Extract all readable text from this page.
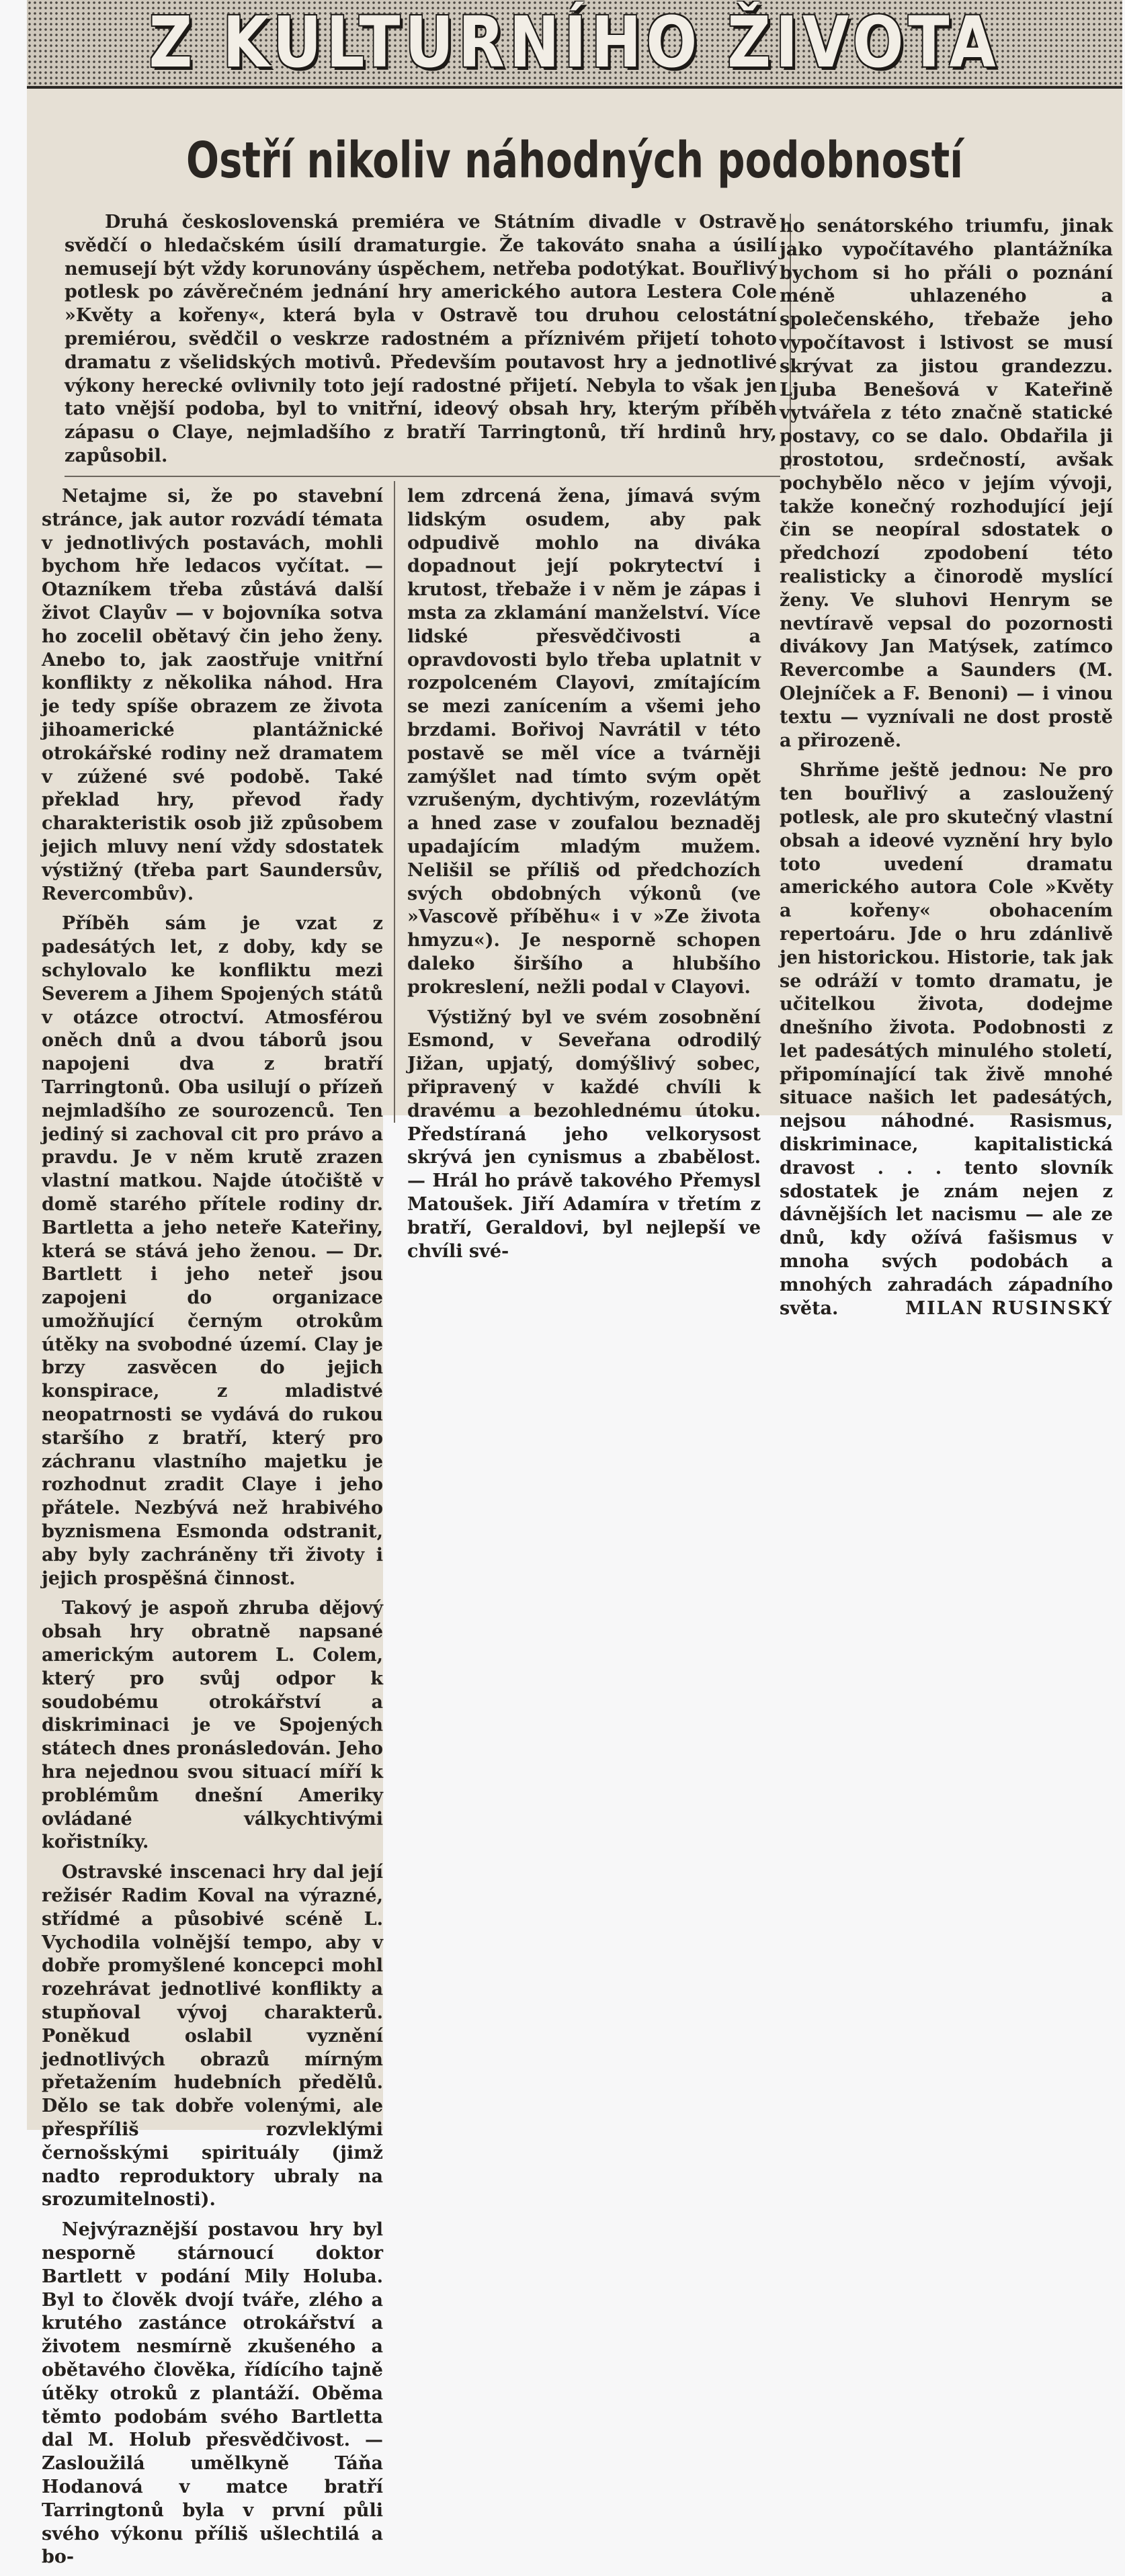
Z KULTURNÍHO ŽIVOTA
Ostří nikoliv náhodných podobností

Druhá československá premiéra ve Státním divadle v Ostravě svědčí o hledačském úsilí dramaturgie. Že takováto snaha a úsilí nemusejí být vždy korunovány úspěchem, netřeba podotýkat. Bouřlivý potlesk po závěrečném jednání hry amerického autora Lestera Cole »Květy a kořeny«, která byla v Ostravě tou druhou celostátní premiérou, svědčil o veskrze radostném a příznivém přijetí tohoto dramatu z všelidských motivů. Především poutavost hry a jednotlivé výkony herecké ovlivnily toto její radostné přijetí. Nebyla to však jen tato vnější podoba, byl to vnitřní, ideový obsah hry, kterým příběh zápasu o Claye, nejmladšího z bratří Tarringtonů, tří hrdinů hry, zapůsobil.

Netajme si, že po stavební stránce, jak autor rozvádí témata v jednotlivých postavách, mohli bychom hře ledacos vyčítat. — Otazníkem třeba zůstává další život Clayův — v bojovníka sotva ho zocelil obětavý čin jeho ženy. Anebo to, jak zaostřuje vnitřní konflikty z několika náhod. Hra je tedy spíše obrazem ze života jihoamerické plantážnické otrokářské rodiny než dramatem v zúžené své podobě. Také překlad hry, převod řady charakteristik osob již způsobem jejich mluvy není vždy sdostatek výstižný (třeba part Saundersův, Revercombův).

Příběh sám je vzat z padesátých let, z doby, kdy se schylovalo ke konfliktu mezi Severem a Jihem Spojených států v otázce otroctví. Atmosférou oněch dnů a dvou táborů jsou napojeni dva z bratří Tarringtonů. Oba usilují o přízeň nejmladšího ze sourozenců. Ten jediný si zachoval cit pro právo a pravdu. Je v něm krutě zrazen vlastní matkou. Najde útočiště v domě starého přítele rodiny dr. Bartletta a jeho neteře Kateřiny, která se stává jeho ženou. — Dr. Bartlett i jeho neteř jsou zapojeni do organizace umožňující černým otrokům útěky na svobodné území. Clay je brzy zasvěcen do jejich konspirace, z mladistvé neopatrnosti se vydává do rukou staršího z bratří, který pro záchranu vlastního majetku je rozhodnut zradit Claye i jeho přátele. Nezbývá než hrabivého byznismena Esmonda odstranit, aby byly zachráněny tři životy i jejich prospěšná činnost.

Takový je aspoň zhruba dějový obsah hry obratně napsané americkým autorem L. Colem, který pro svůj odpor k soudobému otrokářství a diskriminaci je ve Spojených státech dnes pronásledován. Jeho hra nejednou svou situací míří k problémům dnešní Ameriky ovládané válkychtivými kořistníky.

Ostravské inscenaci hry dal její režisér Radim Koval na výrazné, střídmé a působivé scéně L. Vychodila volnější tempo, aby v dobře promyšlené koncepci mohl rozehrávat jednotlivé konflikty a stupňoval vývoj charakterů. Poněkud oslabil vyznění jednotlivých obrazů mírným přetažením hudebních předělů. Dělo se tak dobře volenými, ale přespříliš rozvleklými černošskými spirituály (jimž nadto reproduktory ubraly na srozumitelnosti).

Nejvýraznější postavou hry byl nesporně stárnoucí doktor Bartlett v podání Mily Holuba. Byl to člověk dvojí tváře, zlého a krutého zastánce otrokářství a životem nesmírně zkušeného a obětavého člověka, řídícího tajně útěky otroků z plantáží. Oběma těmto podobám svého Bartletta dal M. Holub přesvědčivost. — Zasloužilá umělkyně Táňa Hodanová v matce bratří Tarringtonů byla v první půli svého výkonu příliš ušlechtilá a bo-

lem zdrcená žena, jímavá svým lidským osudem, aby pak odpudivě mohlo na diváka dopadnout její pokrytectví i krutost, třebaže i v něm je zápas i msta za zklamání manželství. Více lidské přesvědčivosti a opravdovosti bylo třeba uplatnit v rozpolceném Clayovi, zmítajícím se mezi zanícením a všemi jeho brzdami. Bořivoj Navrátil v této postavě se měl více a tvárněji zamýšlet nad tímto svým opět vzrušeným, dychtivým, rozevlátým a hned zase v zoufalou beznaděj upadajícím mladým mužem. Nelišil se příliš od předchozích svých obdobných výkonů (ve »Vascově příběhu« i v »Ze života hmyzu«). Je nesporně schopen daleko širšího a hlubšího prokreslení, nežli podal v Clayovi.

Výstižný byl ve svém zosobnění Esmond, v Seveřana odrodilý Jižan, upjatý, domýšlivý sobec, připravený v každé chvíli k dravému a bezohlednému útoku. Předstíraná jeho velkorysost skrývá jen cynismus a zbabělost. — Hrál ho právě takového Přemysl Matoušek. Jiří Adamíra v třetím z bratří, Geraldovi, byl nejlepší ve chvíli své-

ho senátorského triumfu, jinak jako vypočítavého plantážníka bychom si ho přáli o poznání méně uhlazeného a společenského, třebaže jeho vypočítavost i lstivost se musí skrývat za jistou grandezzu. Ljuba Benešová v Kateřině vytvářela z této značně statické postavy, co se dalo. Obdařila ji prostotou, srdečností, avšak pochybělo něco v jejím vývoji, takže konečný rozhodující její čin se neopíral sdostatek o předchozí zpodobení této realisticky a činorodě myslící ženy. Ve sluhovi Henrym se nevtíravě vepsal do pozornosti divákovy Jan Matýsek, zatímco Revercombe a Saunders (M. Olejníček a F. Benoni) — i vinou textu — vyznívali ne dost prostě a přirozeně.

Shrňme ještě jednou: Ne pro ten bouřlivý a zasloužený potlesk, ale pro skutečný vlastní obsah a ideové vyznění hry bylo toto uvedení dramatu amerického autora Cole »Květy a kořeny« obohacením repertoáru. Jde o hru zdánlivě jen historickou. Historie, tak jak se odráží v tomto dramatu, je učitelkou života, dodejme dnešního života. Podobnosti z let padesátých minulého století, připomínající tak živě mnohé situace našich let padesátých, nejsou náhodné. Rasismus, diskriminace, kapitalistická dravost . . . tento slovník sdostatek je znám nejen z dávnějších let nacismu — ale ze dnů, kdy ožívá fašismus v mnoha svých podobách a mnohých zahradách západního světa.	MILAN RUSINSKÝ
